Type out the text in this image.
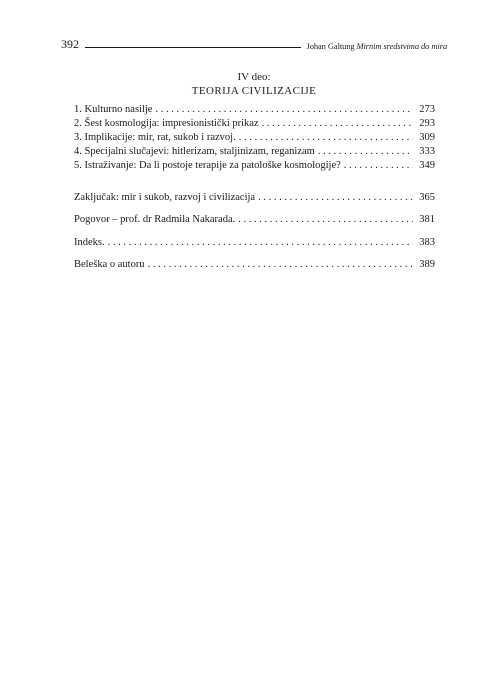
392	Johan Galtung Mirnim sredstvima do mira
IV deo:
TEORIJA CIVILIZACIJE
1. Kulturno nasilje . . .	273
2. Šest kosmologija: impresionistički prikaz . . .	293
3. Implikacije: mir, rat, sukob i razvoj. . . .	309
4. Specijalni slučajevi: hitlerizam, staljinizam, reganizam . . .	333
5. Istraživanje: Da li postoje terapije za patološke kosmologije? . . .	349
Zaključak: mir i sukob, razvoj i civilizacija . . .	365
Pogovor – prof. dr Radmila Nakarada. . . .	381
Indeks. . . .	383
Beleška o autoru . . .	389
